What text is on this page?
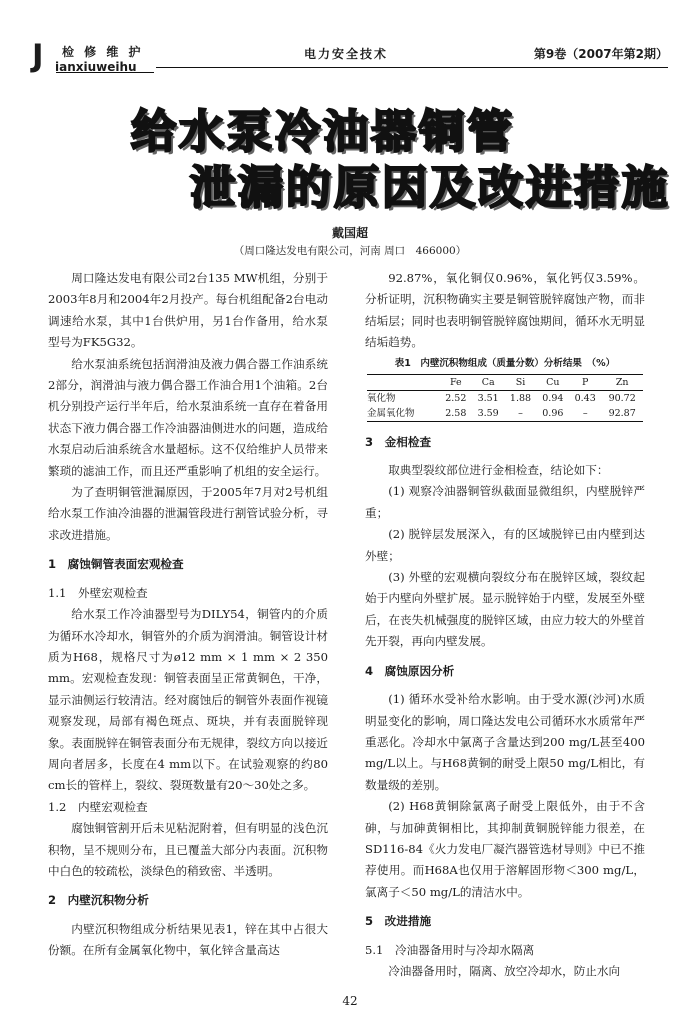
J 检 修 维 护
ianxiuweihu
电力安全技术	第9卷（2007年第2期）
给水泵冷油器铜管
泄漏的原因及改进措施
戴国超
（周口隆达发电有限公司，河南 周口　466000）

周口隆达发电有限公司2台135 MW机组，分别于2003年8月和2004年2月投产。每台机组配备2台电动调速给水泵，其中1台供炉用，另1台作备用，给水泵型号为FK5G32。

给水泵油系统包括润滑油及液力偶合器工作油系统2部分，润滑油与液力偶合器工作油合用1个油箱。2台机分别投产运行半年后，给水泵油系统一直存在着备用状态下液力偶合器工作冷油器油侧进水的问题，造成给水泵启动后油系统含水量超标。这不仅给维护人员带来繁琐的滤油工作，而且还严重影响了机组的安全运行。

为了查明铜管泄漏原因，于2005年7月对2号机组给水泵工作油冷油器的泄漏管段进行割管试验分析，寻求改进措施。

1　腐蚀铜管表面宏观检查
1.1　外壁宏观检查

给水泵工作冷油器型号为DILY54，铜管内的介质为循环水冷却水，铜管外的介质为润滑油。铜管设计材质为H68，规格尺寸为ø12 mm × 1 mm × 2 350 mm。宏观检查发现：铜管表面呈正常黄铜色，干净，显示油侧运行较清洁。经对腐蚀后的铜管外表面作视镜观察发现，局部有褐色斑点、斑块，并有表面脱锌现象。表面脱锌在铜管表面分布无规律，裂纹方向以接近周向者居多，长度在4 mm以下。在试验观察的约80 cm长的管样上，裂纹、裂斑数量有20～30处之多。

1.2　内壁宏观检查

腐蚀铜管割开后未见粘泥附着，但有明显的浅色沉积物，呈不规则分布，且已覆盖大部分内表面。沉积物中白色的较疏松，淡绿色的稍致密、半透明。

2　内壁沉积物分析

内壁沉积物组成分析结果见表1，锌在其中占很大份额。在所有金属氧化物中，氧化锌含量高达

92.87%，氧化铜仅0.96%，氧化钙仅3.59%。分析证明，沉积物确实主要是铜管脱锌腐蚀产物，而非结垢层；同时也表明铜管脱锌腐蚀期间，循环水无明显结垢趋势。

表1　内壁沉积物组成（质量分数）分析结果　（%）
	Fe	Ca	Si	Cu	P	Zn
氧化物	2.52	3.51	1.88	0.94	0.43	90.72
金属氧化物	2.58	3.59	–	0.96	–	92.87
3　金相检查

取典型裂纹部位进行金相检查，结论如下：

(1) 观察冷油器铜管纵截面显微组织，内壁脱锌严重；

(2) 脱锌层发展深入，有的区域脱锌已由内壁到达外壁；

(3) 外壁的宏观横向裂纹分布在脱锌区域，裂纹起始于内壁向外壁扩展。显示脱锌始于内壁，发展至外壁后，在丧失机械强度的脱锌区域，由应力较大的外壁首先开裂，再向内壁发展。

4　腐蚀原因分析

(1) 循环水受补给水影响。由于受水源(沙河)水质明显变化的影响，周口隆达发电公司循环水水质常年严重恶化。冷却水中氯离子含量达到200 mg/L甚至400 mg/L以上。与H68黄铜的耐受上限50 mg/L相比，有数量级的差别。

(2) H68黄铜除氯离子耐受上限低外，由于不含砷，与加砷黄铜相比，其抑制黄铜脱锌能力很差，在SD116-84《火力发电厂凝汽器管选材导则》中已不推荐使用。而H68A也仅用于溶解固形物＜300 mg/L，氯离子＜50 mg/L的清洁水中。

5　改进措施
5.1　冷油器备用时与冷却水隔离

冷油器备用时，隔离、放空冷却水，防止水向

42
